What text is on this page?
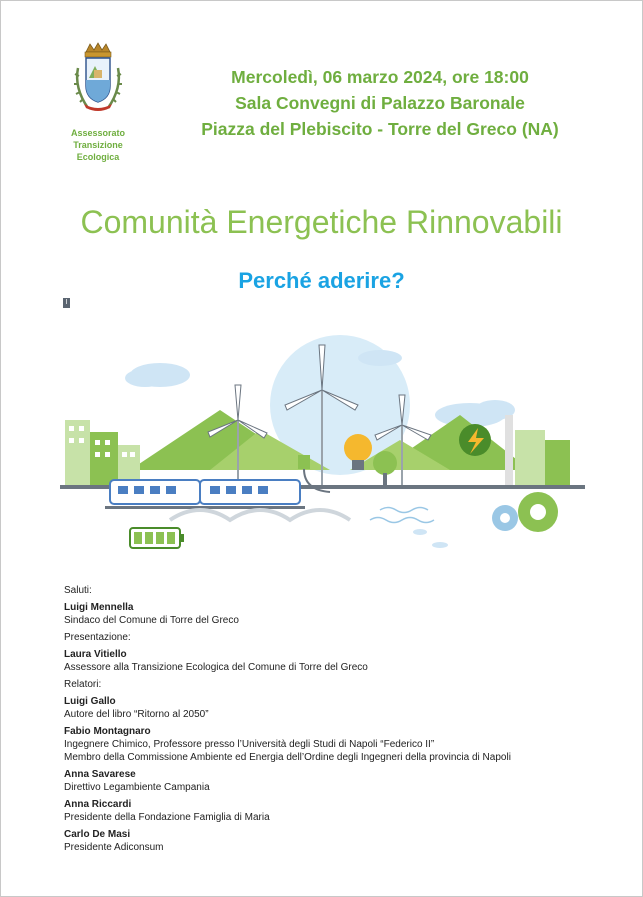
Assessorato
Transizione
Ecologica
Mercoledì, 06 marzo 2024, ore 18:00
Sala Convegni di Palazzo Baronale
Piazza del Plebiscito - Torre del Greco (NA)
Comunità Energetiche Rinnovabili
Perché aderire?
I
Saluti:
Luigi Mennella
Sindaco del Comune di Torre del Greco
Presentazione:
Laura Vitiello
Assessore alla Transizione Ecologica del Comune di Torre del Greco
Relatori:
Luigi Gallo
Autore del libro “Ritorno al 2050”
Fabio Montagnaro
Ingegnere Chimico, Professore presso l’Università degli Studi di Napoli “Federico II”
Membro della Commissione Ambiente ed Energia dell’Ordine degli Ingegneri della provincia di Napoli
Anna Savarese
Direttivo Legambiente Campania
Anna Riccardi
Presidente della Fondazione Famiglia di Maria
Carlo De Masi
Presidente Adiconsum
